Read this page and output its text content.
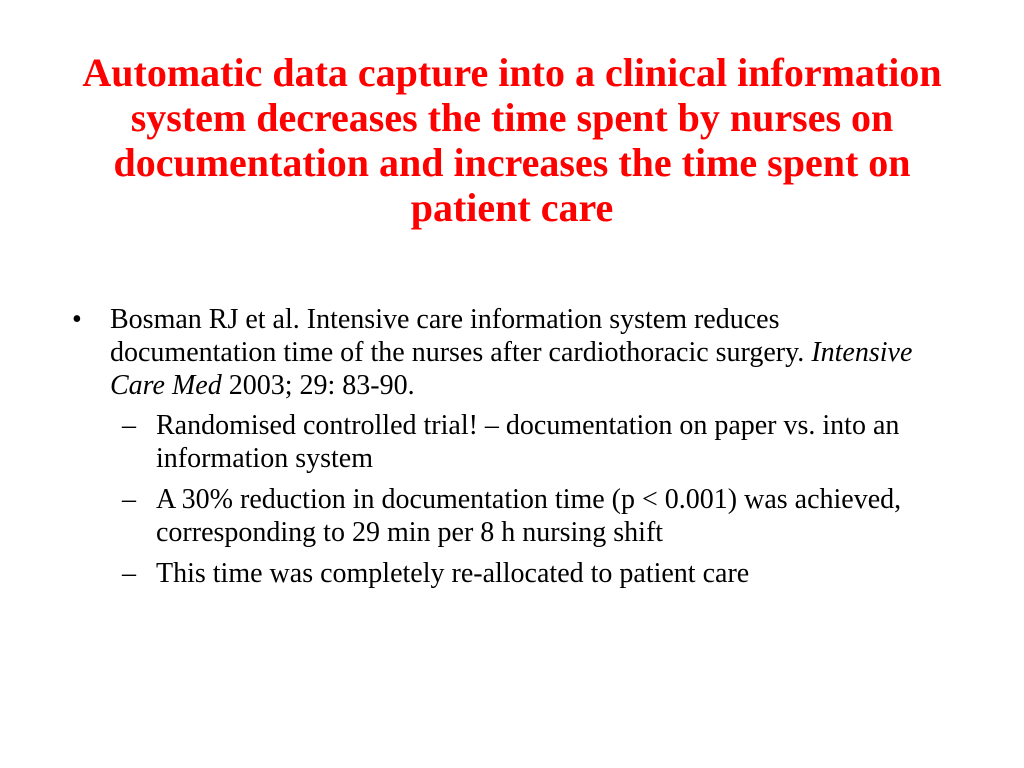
Automatic data capture into a clinical information system decreases the time spent by nurses on documentation and increases the time spent on patient care
•	Bosman RJ et al. Intensive care information system reduces documentation time of the nurses after cardiothoracic surgery. Intensive Care Med 2003; 29: 83-90.
– Randomised controlled trial! – documentation on paper vs. into an information system
– A 30% reduction in documentation time (p < 0.001) was achieved, corresponding to 29 min per 8 h nursing shift
– This time was completely re-allocated to patient care
